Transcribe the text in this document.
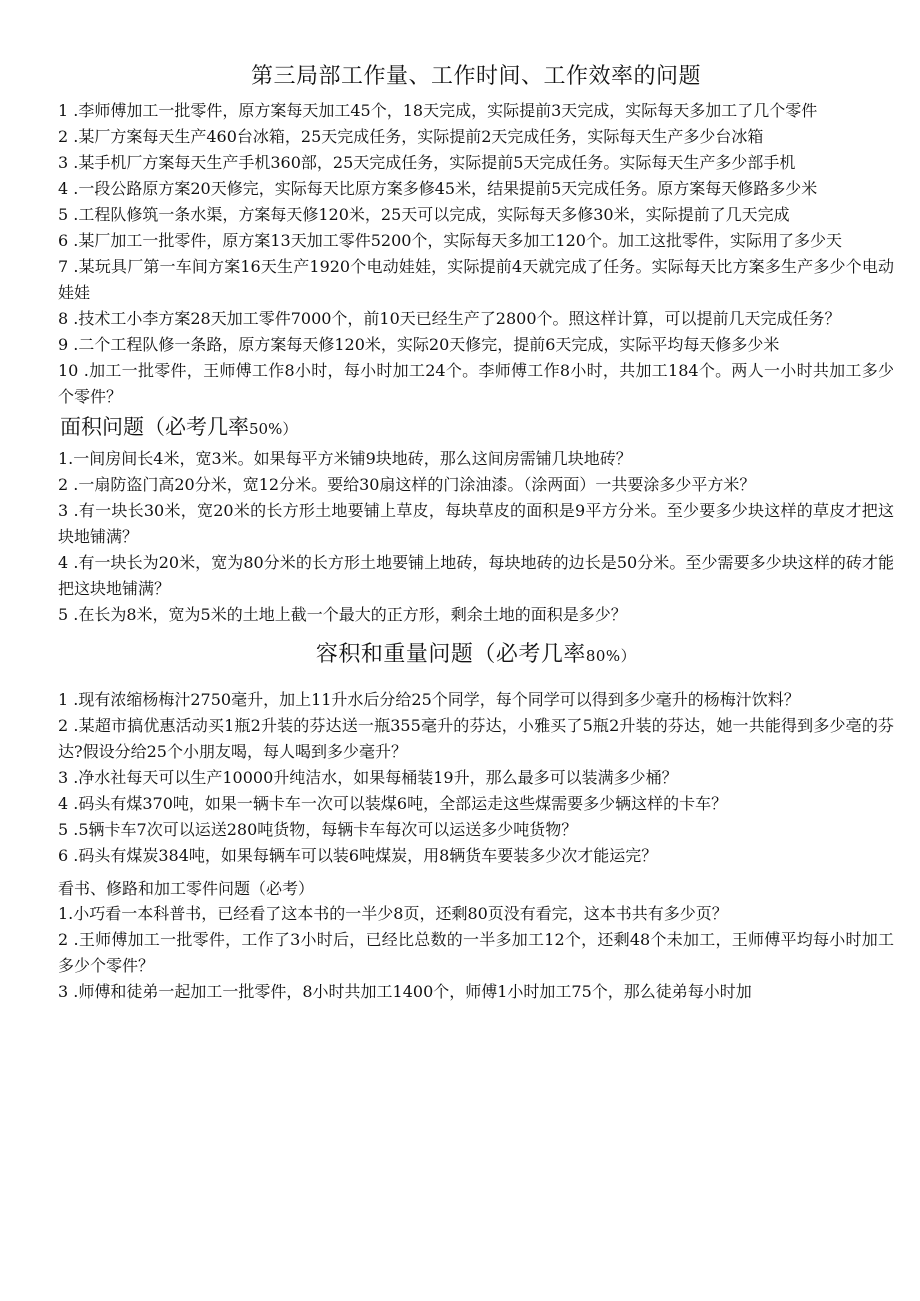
第三局部工作量、工作时间、工作效率的问题

1 .李师傅加工一批零件，原方案每天加工45个，18天完成，实际提前3天完成，实际每天多加工了几个零件

2 .某厂方案每天生产460台冰箱，25天完成任务，实际提前2天完成任务，实际每天生产多少台冰箱

3 .某手机厂方案每天生产手机360部，25天完成任务，实际提前5天完成任务。实际每天生产多少部手机

4 .一段公路原方案20天修完，实际每天比原方案多修45米，结果提前5天完成任务。原方案每天修路多少米

5 .工程队修筑一条水渠，方案每天修120米，25天可以完成，实际每天多修30米，实际提前了几天完成

6 .某厂加工一批零件，原方案13天加工零件5200个，实际每天多加工120个。加工这批零件，实际用了多少天

7 .某玩具厂第一车间方案16天生产1920个电动娃娃，实际提前4天就完成了任务。实际每天比方案多生产多少个电动娃娃

8 .技术工小李方案28天加工零件7000个，前10天已经生产了2800个。照这样计算，可以提前几天完成任务？

9 .二个工程队修一条路，原方案每天修120米，实际20天修完，提前6天完成，实际平均每天修多少米

10 .加工一批零件，王师傅工作8小时，每小时加工24个。李师傅工作8小时，共加工184个。两人一小时共加工多少个零件？

面积问题（必考几率50%）

1.一间房间长4米，宽3米。如果每平方米铺9块地砖，那么这间房需铺几块地砖？

2 .一扇防盗门高20分米，宽12分米。要给30扇这样的门涂油漆。（涂两面）一共要涂多少平方米？

3 .有一块长30米，宽20米的长方形土地要铺上草皮，每块草皮的面积是9平方分米。至少要多少块这样的草皮才把这块地铺满？

4 .有一块长为20米，宽为80分米的长方形土地要铺上地砖，每块地砖的边长是50分米。至少需要多少块这样的砖才能把这块地铺满？

5 .在长为8米，宽为5米的土地上截一个最大的正方形，剩余土地的面积是多少？

容积和重量问题（必考几率80%）

1 .现有浓缩杨梅汁2750毫升，加上11升水后分给25个同学，每个同学可以得到多少毫升的杨梅汁饮料？

2 .某超市搞优惠活动买1瓶2升装的芬达送一瓶355毫升的芬达，小雅买了5瓶2升装的芬达，她一共能得到多少亳的芬达?假设分给25个小朋友喝，每人喝到多少毫升？

3 .净水社每天可以生产10000升纯洁水，如果每桶装19升，那么最多可以装满多少桶？

4 .码头有煤370吨，如果一辆卡车一次可以装煤6吨，全部运走这些煤需要多少辆这样的卡车？

5 .5辆卡车7次可以运送280吨货物，每辆卡车每次可以运送多少吨货物？

6 .码头有煤炭384吨，如果每辆车可以装6吨煤炭，用8辆货车要装多少次才能运完？

看书、修路和加工零件问题（必考）

1.小巧看一本科普书，已经看了这本书的一半少8页，还剩80页没有看完，这本书共有多少页？

2 .王师傅加工一批零件，工作了3小时后，已经比总数的一半多加工12个，还剩48个未加工，王师傅平均每小时加工多少个零件？

3 .师傅和徒弟一起加工一批零件，8小时共加工1400个，师傅1小时加工75个，那么徒弟每小时加
